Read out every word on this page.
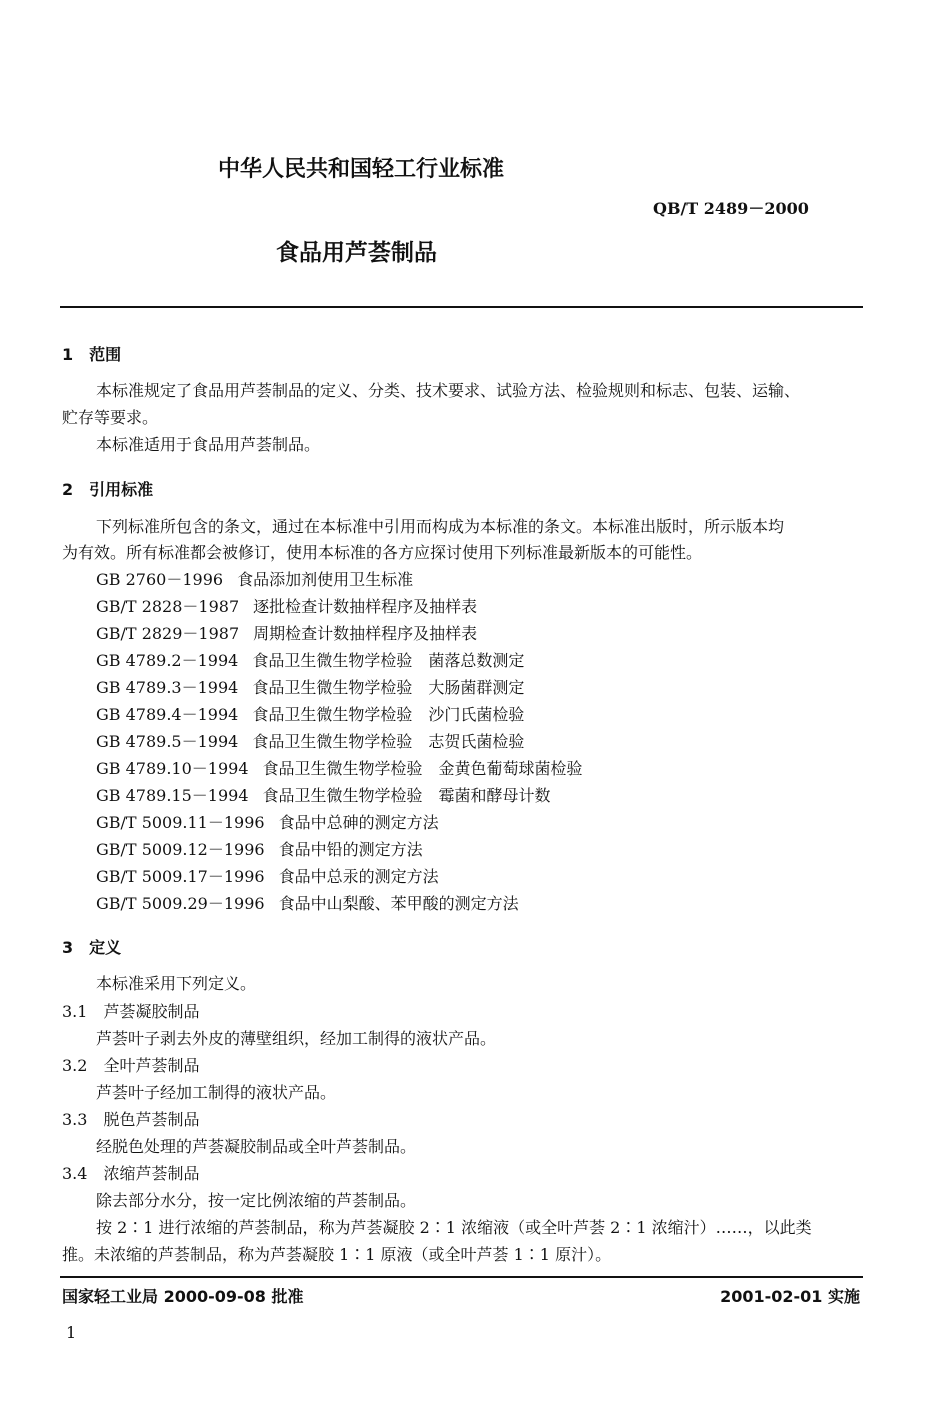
中华人民共和国轻工行业标准
QB/T 2489－2000
食品用芦荟制品
1　范围
本标准规定了食品用芦荟制品的定义、分类、技术要求、试验方法、检验规则和标志、包装、运输、
贮存等要求。
本标准适用于食品用芦荟制品。
2　引用标准
下列标准所包含的条文，通过在本标准中引用而构成为本标准的条文。本标准出版时，所示版本均
为有效。所有标准都会被修订，使用本标准的各方应探讨使用下列标准最新版本的可能性。
GB 2760－1996 食品添加剂使用卫生标准
GB/T 2828－1987 逐批检查计数抽样程序及抽样表
GB/T 2829－1987 周期检查计数抽样程序及抽样表
GB 4789.2－1994 食品卫生微生物学检验　菌落总数测定
GB 4789.3－1994 食品卫生微生物学检验　大肠菌群测定
GB 4789.4－1994 食品卫生微生物学检验　沙门氏菌检验
GB 4789.5－1994 食品卫生微生物学检验　志贺氏菌检验
GB 4789.10－1994 食品卫生微生物学检验　金黄色葡萄球菌检验
GB 4789.15－1994 食品卫生微生物学检验　霉菌和酵母计数
GB/T 5009.11－1996 食品中总砷的测定方法
GB/T 5009.12－1996 食品中铅的测定方法
GB/T 5009.17－1996 食品中总汞的测定方法
GB/T 5009.29－1996 食品中山梨酸、苯甲酸的测定方法
3　定义
本标准采用下列定义。
3.1　芦荟凝胶制品
芦荟叶子剥去外皮的薄壁组织，经加工制得的液状产品。
3.2　全叶芦荟制品
芦荟叶子经加工制得的液状产品。
3.3　脱色芦荟制品
经脱色处理的芦荟凝胶制品或全叶芦荟制品。
3.4　浓缩芦荟制品
除去部分水分，按一定比例浓缩的芦荟制品。
按 2∶1 进行浓缩的芦荟制品，称为芦荟凝胶 2∶1 浓缩液（或全叶芦荟 2∶1 浓缩汁）……，以此类
推。未浓缩的芦荟制品，称为芦荟凝胶 1∶1 原液（或全叶芦荟 1∶1 原汁）。
国家轻工业局 2000-09-08 批准	2001-02-01 实施
1
